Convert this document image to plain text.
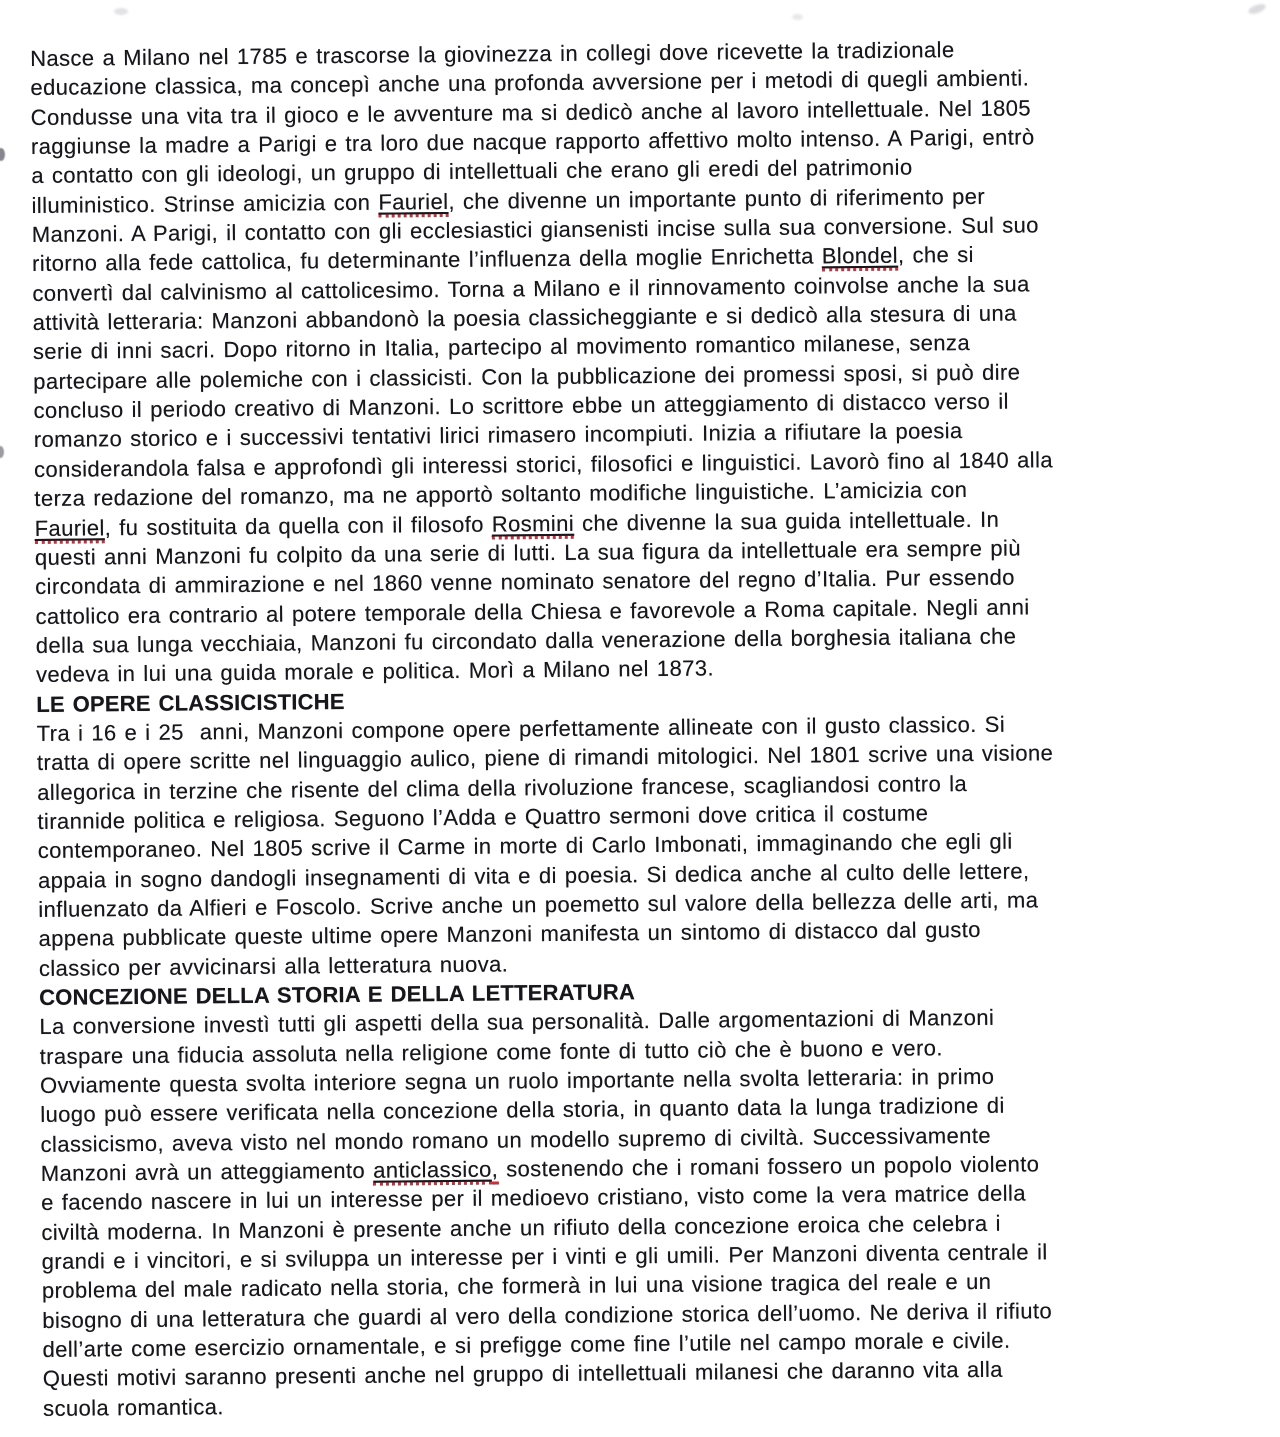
Nasce a Milano nel 1785 e trascorse la giovinezza in collegi dove ricevette la tradizionale
educazione classica, ma concepì anche una profonda avversione per i metodi di quegli ambienti.
Condusse una vita tra il gioco e le avventure ma si dedicò anche al lavoro intellettuale. Nel 1805
raggiunse la madre a Parigi e tra loro due nacque rapporto affettivo molto intenso. A Parigi, entrò
a contatto con gli ideologi, un gruppo di intellettuali che erano gli eredi del patrimonio
illuministico. Strinse amicizia con Fauriel, che divenne un importante punto di riferimento per
Manzoni. A Parigi, il contatto con gli ecclesiastici giansenisti incise sulla sua conversione. Sul suo
ritorno alla fede cattolica, fu determinante l’influenza della moglie Enrichetta Blondel, che si
convertì dal calvinismo al cattolicesimo. Torna a Milano e il rinnovamento coinvolse anche la sua
attività letteraria: Manzoni abbandonò la poesia classicheggiante e si dedicò alla stesura di una
serie di inni sacri. Dopo ritorno in Italia, partecipo al movimento romantico milanese, senza
partecipare alle polemiche con i classicisti. Con la pubblicazione dei promessi sposi, si può dire
concluso il periodo creativo di Manzoni. Lo scrittore ebbe un atteggiamento di distacco verso il
romanzo storico e i successivi tentativi lirici rimasero incompiuti. Inizia a rifiutare la poesia
considerandola falsa e approfondì gli interessi storici, filosofici e linguistici. Lavorò fino al 1840 alla
terza redazione del romanzo, ma ne apportò soltanto modifiche linguistiche. L’amicizia con
Fauriel, fu sostituita da quella con il filosofo Rosmini che divenne la sua guida intellettuale. In
questi anni Manzoni fu colpito da una serie di lutti. La sua figura da intellettuale era sempre più
circondata di ammirazione e nel 1860 venne nominato senatore del regno d’Italia. Pur essendo
cattolico era contrario al potere temporale della Chiesa e favorevole a Roma capitale. Negli anni
della sua lunga vecchiaia, Manzoni fu circondato dalla venerazione della borghesia italiana che
vedeva in lui una guida morale e politica. Morì a Milano nel 1873.
LE OPERE CLASSICISTICHE
Tra i 16 e i 25  anni, Manzoni compone opere perfettamente allineate con il gusto classico. Si
tratta di opere scritte nel linguaggio aulico, piene di rimandi mitologici. Nel 1801 scrive una visione
allegorica in terzine che risente del clima della rivoluzione francese, scagliandosi contro la
tirannide politica e religiosa. Seguono l’Adda e Quattro sermoni dove critica il costume
contemporaneo. Nel 1805 scrive il Carme in morte di Carlo Imbonati, immaginando che egli gli
appaia in sogno dandogli insegnamenti di vita e di poesia. Si dedica anche al culto delle lettere,
influenzato da Alfieri e Foscolo. Scrive anche un poemetto sul valore della bellezza delle arti, ma
appena pubblicate queste ultime opere Manzoni manifesta un sintomo di distacco dal gusto
classico per avvicinarsi alla letteratura nuova.
CONCEZIONE DELLA STORIA E DELLA LETTERATURA
La conversione investì tutti gli aspetti della sua personalità. Dalle argomentazioni di Manzoni
traspare una fiducia assoluta nella religione come fonte di tutto ciò che è buono e vero.
Ovviamente questa svolta interiore segna un ruolo importante nella svolta letteraria: in primo
luogo può essere verificata nella concezione della storia, in quanto data la lunga tradizione di
classicismo, aveva visto nel mondo romano un modello supremo di civiltà. Successivamente
Manzoni avrà un atteggiamento anticlassico, sostenendo che i romani fossero un popolo violento
e facendo nascere in lui un interesse per il medioevo cristiano, visto come la vera matrice della
civiltà moderna. In Manzoni è presente anche un rifiuto della concezione eroica che celebra i
grandi e i vincitori, e si sviluppa un interesse per i vinti e gli umili. Per Manzoni diventa centrale il
problema del male radicato nella storia, che formerà in lui una visione tragica del reale e un
bisogno di una letteratura che guardi al vero della condizione storica dell’uomo. Ne deriva il rifiuto
dell’arte come esercizio ornamentale, e si prefigge come fine l’utile nel campo morale e civile.
Questi motivi saranno presenti anche nel gruppo di intellettuali milanesi che daranno vita alla
scuola romantica.
